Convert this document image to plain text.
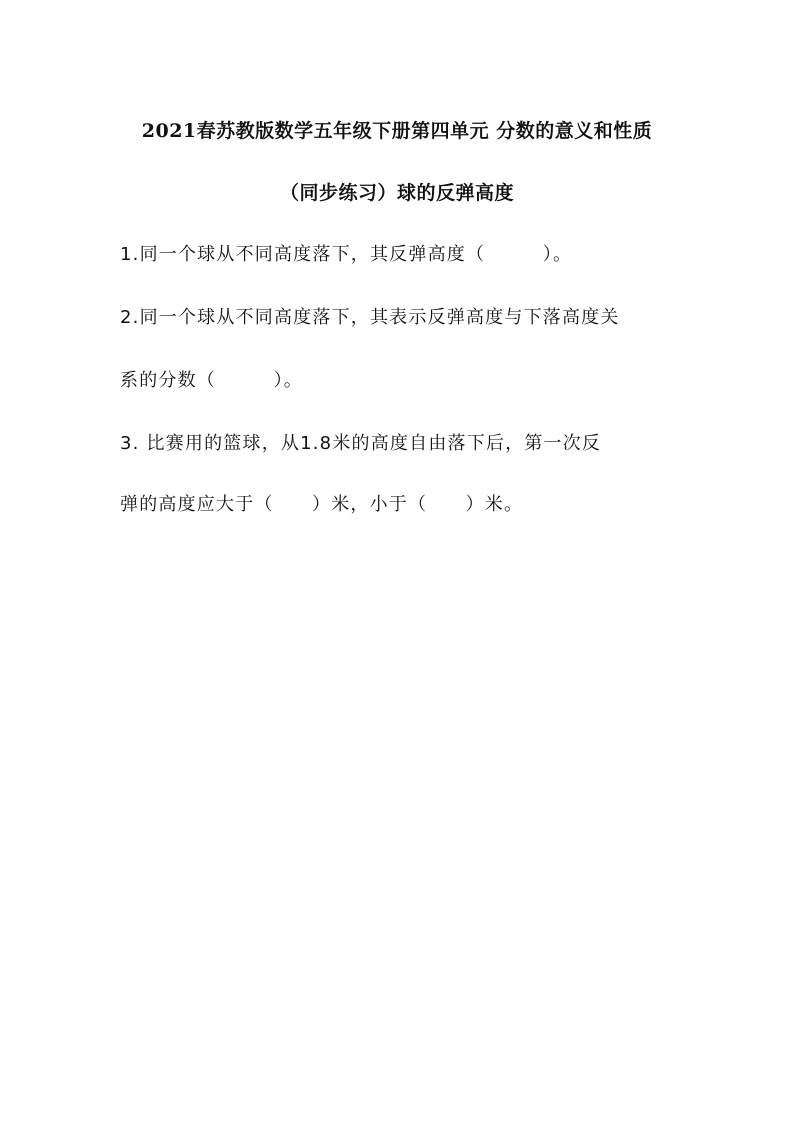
2021春苏教版数学五年级下册第四单元 分数的意义和性质
（同步练习）球的反弹高度
1.同一个球从不同高度落下，其反弹高度（　　　）。
2.同一个球从不同高度落下，其表示反弹高度与下落高度关
系的分数（　　　）。
3. 比赛用的篮球，从1.8米的高度自由落下后，第一次反
弹的高度应大于（　　）米，小于（　　）米。
